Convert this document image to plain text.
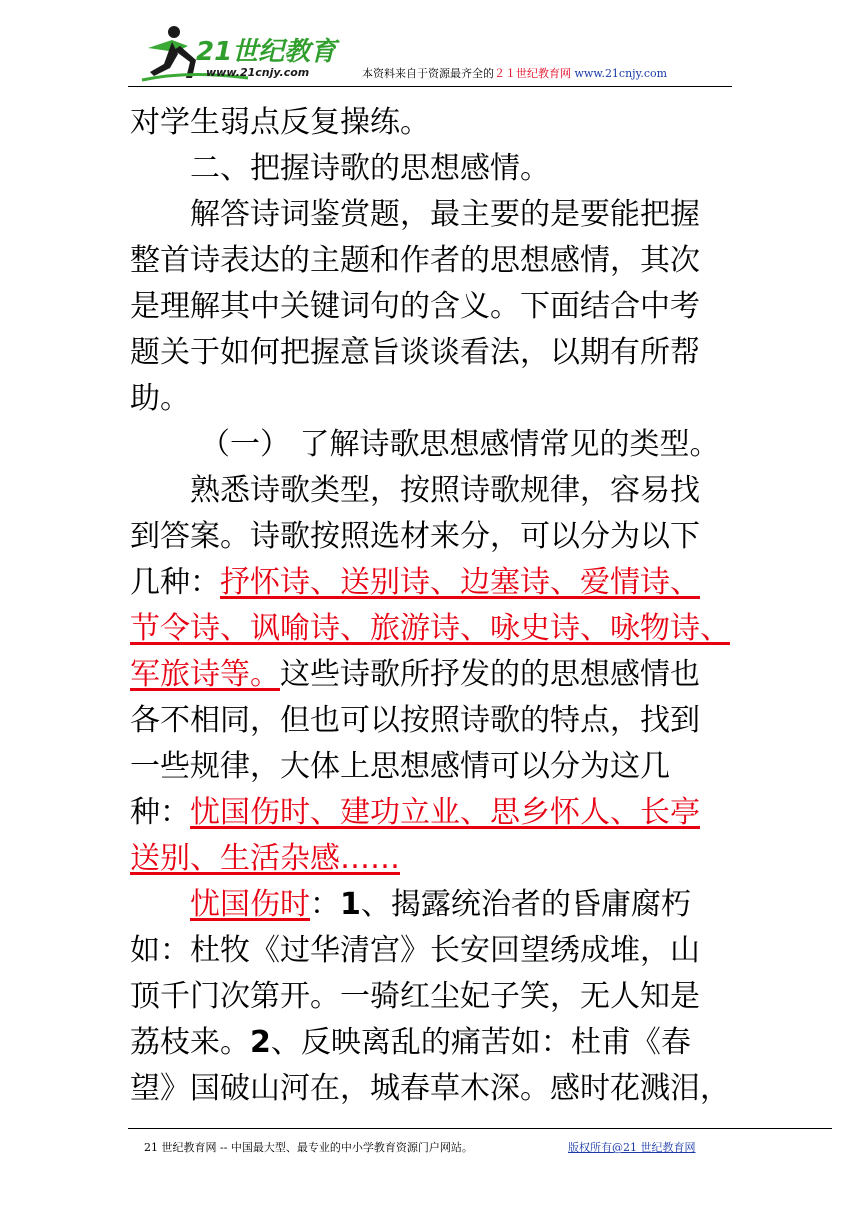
21世纪教育
www.21cnjy.com	本资料来自于资源最齐全的２１世纪教育网 www.21cnjy.com
对学生弱点反复操练。
二、把握诗歌的思想感情。
解答诗词鉴赏题，最主要的是要能把握
整首诗表达的主题和作者的思想感情，其次
是理解其中关键词句的含义。下面结合中考
题关于如何把握意旨谈谈看法，以期有所帮
助。
（一） 了解诗歌思想感情常见的类型。
熟悉诗歌类型，按照诗歌规律，容易找
到答案。诗歌按照选材来分，可以分为以下
几种：抒怀诗、送别诗、边塞诗、爱情诗、
节令诗、讽喻诗、旅游诗、咏史诗、咏物诗、
军旅诗等。这些诗歌所抒发的的思想感情也
各不相同，但也可以按照诗歌的特点，找到
一些规律，大体上思想感情可以分为这几
种：忧国伤时、建功立业、思乡怀人、长亭
送别、生活杂感……
忧国伤时：1、揭露统治者的昏庸腐朽
如：杜牧《过华清宫》长安回望绣成堆，山
顶千门次第开。一骑红尘妃子笑，无人知是
荔枝来。2、反映离乱的痛苦如：杜甫《春
望》国破山河在，城春草木深。感时花溅泪，
21 世纪教育网 -- 中国最大型、最专业的中小学教育资源门户网站。	版权所有@21 世纪教育网
